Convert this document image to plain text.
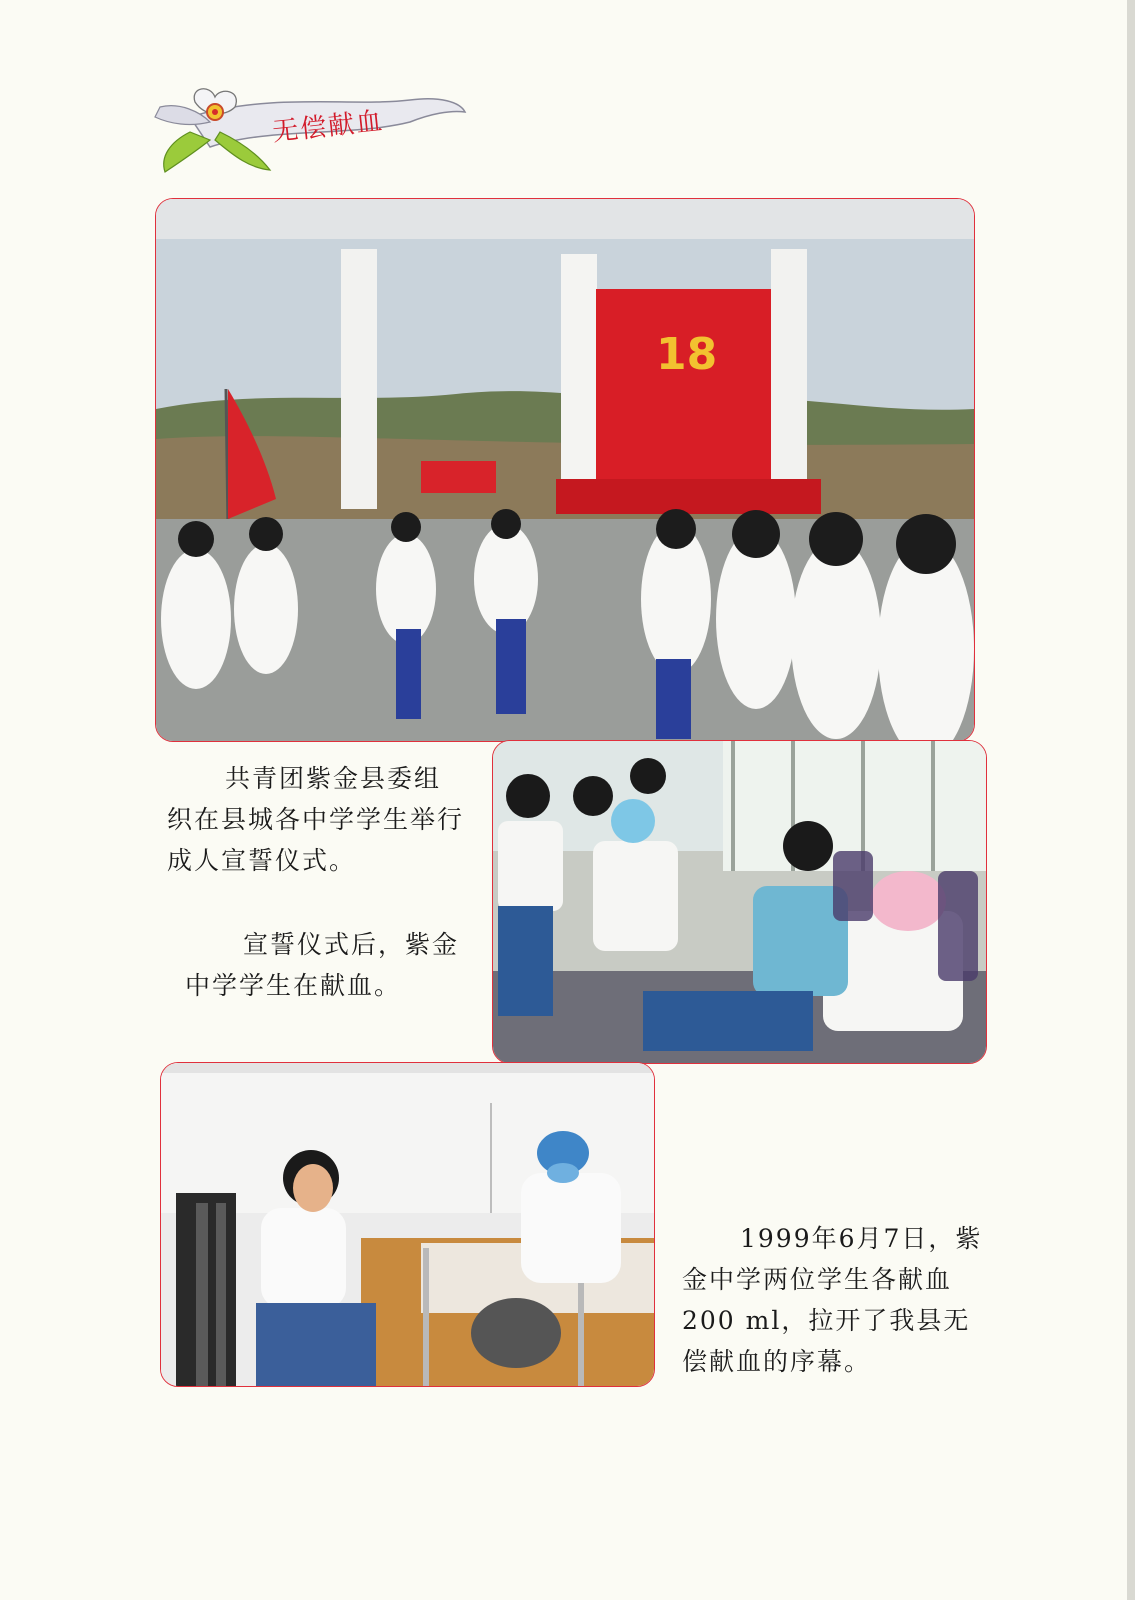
无偿献血
18

共青团紫金县委组织在县城各中学学生举行成人宣誓仪式。

宣誓仪式后，紫金中学学生在献血。

1999年6月7日，紫金中学两位学生各献血200 ml，拉开了我县无偿献血的序幕。
